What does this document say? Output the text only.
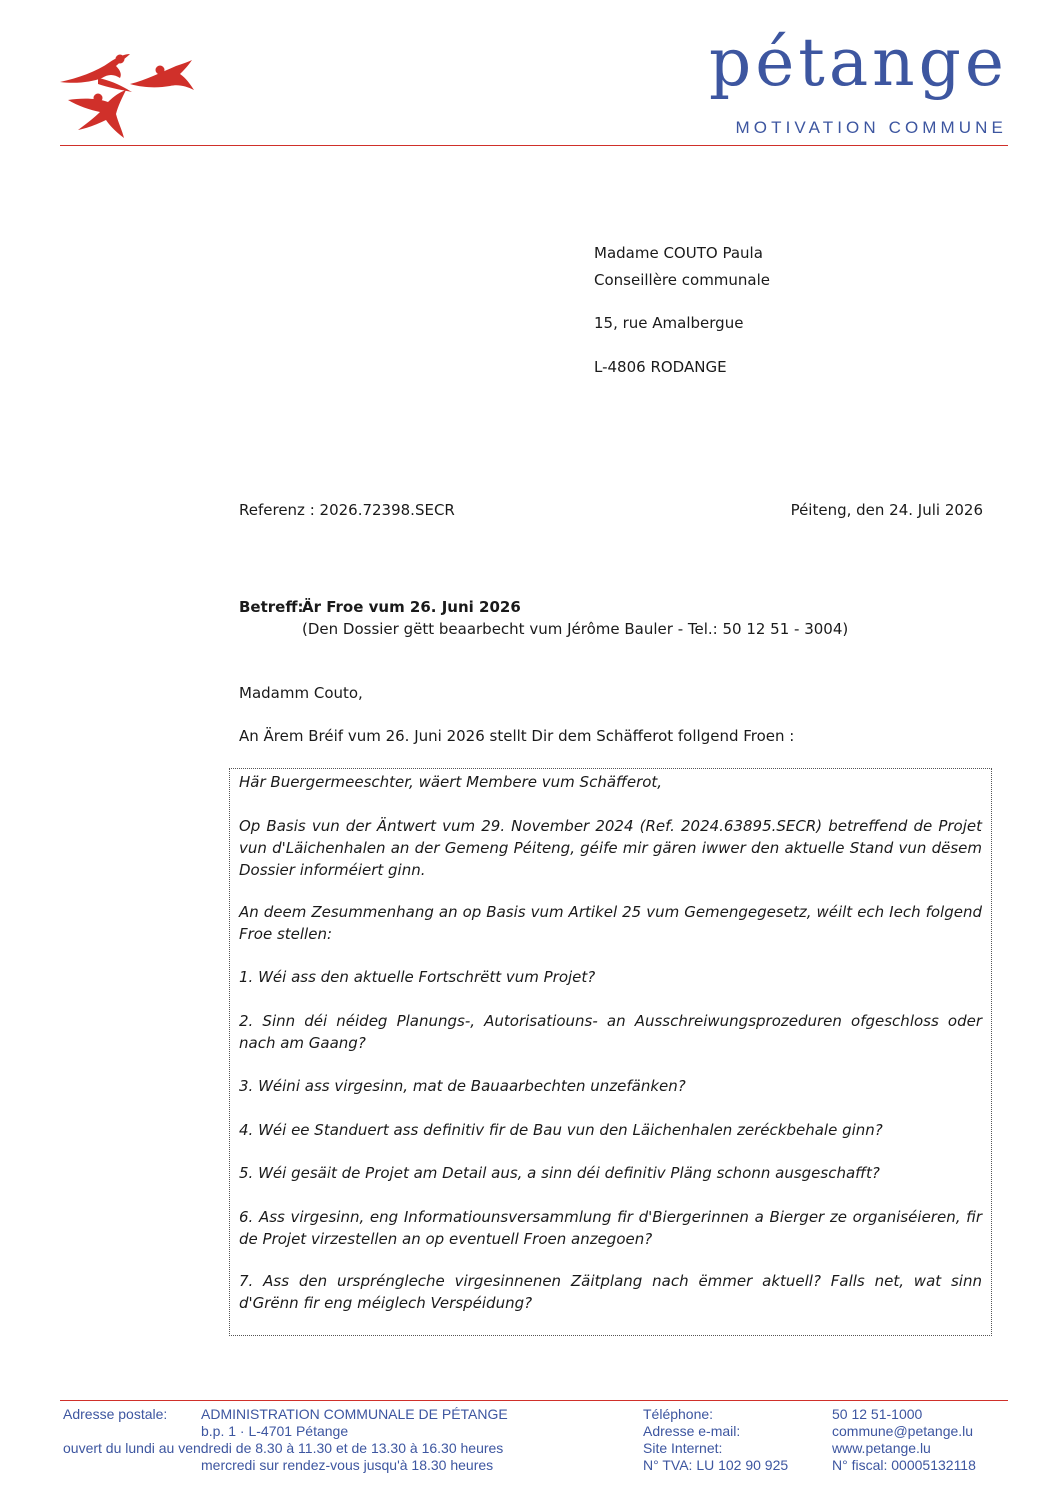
pétange
MOTIVATION COMMUNE
Madame COUTO Paula
Conseillère communale
15, rue Amalbergue
L-4806 RODANGE
Referenz : 2026.72398.SECR	Péiteng, den 24. Juli 2026
Betreff:
Är Froe vum 26. Juni 2026
(Den Dossier gëtt beaarbecht vum Jérôme Bauler - Tel.: 50 12 51 - 3004)
Madamm Couto,
An Ärem Bréif vum 26. Juni 2026 stellt Dir dem Schäfferot follgend Froen :
Här Buergermeeschter, wäert Membere vum Schäfferot,
Op Basis vun der Äntwert vum 29. November 2024 (Ref. 2024.63895.SECR) betreffend de Projet vun d'Läichenhalen an der Gemeng Péiteng, géife mir gären iwwer den aktuelle Stand vun dësem Dossier informéiert ginn.
An deem Zesummenhang an op Basis vum Artikel 25 vum Gemengegesetz, wéilt ech Iech folgend Froe stellen:
1. Wéi ass den aktuelle Fortschrëtt vum Projet?
2. Sinn déi néideg Planungs-, Autorisatiouns- an Ausschreiwungsprozeduren ofgeschloss oder nach am Gaang?
3. Wéini ass virgesinn, mat de Bauaarbechten unzefänken?
4. Wéi ee Standuert ass definitiv fir de Bau vun den Läichenhalen zeréckbehale ginn?
5. Wéi gesäit de Projet am Detail aus, a sinn déi definitiv Pläng schonn ausgeschafft?
6. Ass virgesinn, eng Informatiounsversammlung fir d'Biergerinnen a Bierger ze organiséieren, fir de Projet virzestellen an op eventuell Froen anzegoen?
7. Ass den urspréngleche virgesinnenen Zäitplang nach ëmmer aktuell? Falls net, wat sinn d'Grënn fir eng méiglech Verspéidung?
Adresse postale: ADMINISTRATION COMMUNALE DE PÉTANGE
b.p. 1 · L-4701 Pétange
ouvert du lundi au vendredi de 8.30 à 11.30 et de 13.30 à 16.30 heures
mercredi sur rendez-vous jusqu'à 18.30 heures
Téléphone:
Adresse e-mail:
Site Internet:
N° TVA: LU 102 90 925
50 12 51-1000
commune@petange.lu
www.petange.lu
N° fiscal: 00005132118
